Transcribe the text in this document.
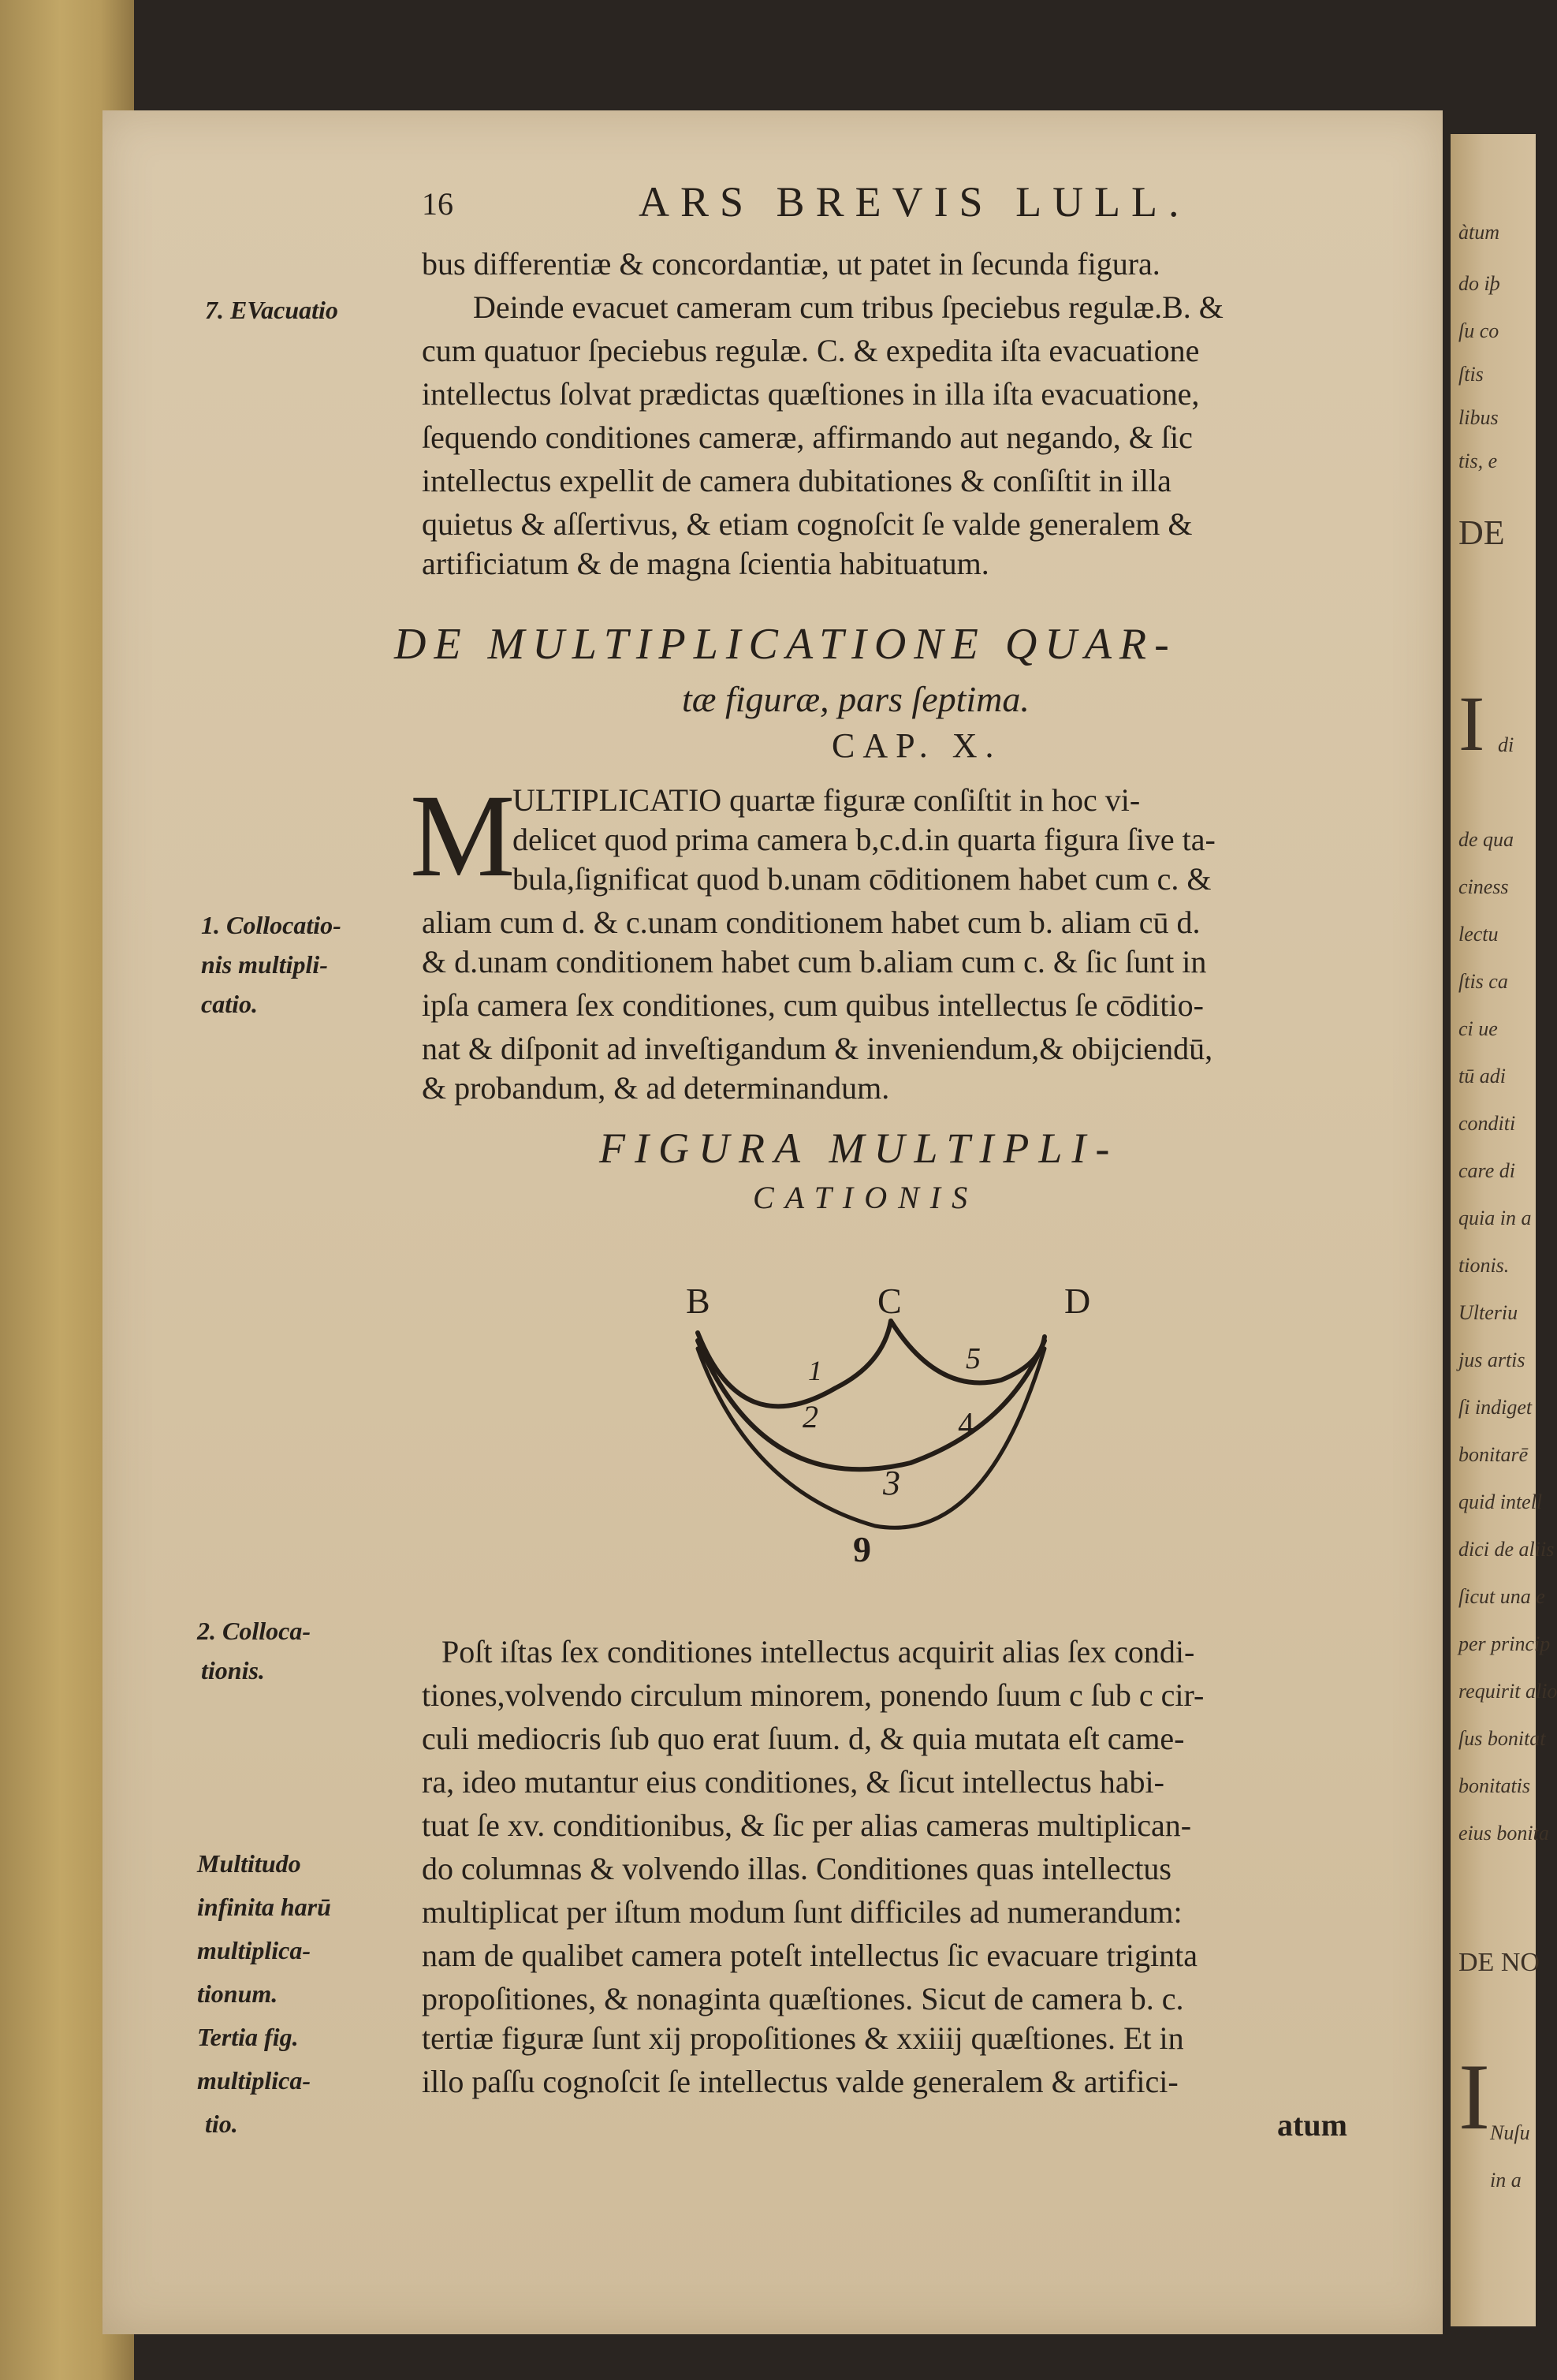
àtum
do iþ
ſu co
ſtis
libus
tis, e
DE
I di
de qua
ciness
lectu
ſtis ca
ci ue
tū adi
conditi
care di
quia in a
tionis.
Ulteriu
jus artis
ſi indiget
bonitarē
quid intell
dici de aliis
ſicut una e
per princip
requirit alio
ſus bonitat
bonitatis
eius bonita
DE NO
I Nuſu
in a
16	ARS BREVIS LULL.
bus differentiæ & concordantiæ, ut patet in ſecunda figura.
7. EVacuatio	Deinde evacuet cameram cum tribus ſpeciebus regulæ.B. &
cum quatuor ſpeciebus regulæ. C. & expedita iſta evacuatione
intellectus ſolvat prædictas quæſtiones in illa iſta evacuatione,
ſequendo conditiones cameræ, affirmando aut negando, & ſic
intellectus expellit de camera dubitationes & conſiſtit in illa
quietus & aſſertivus, & etiam cognoſcit ſe valde generalem &
artificiatum & de magna ſcientia habituatum.
DE MULTIPLICATIONE QUAR-
tæ figuræ, pars ſeptima.
CAP. X.
M
ULTIPLICATIO quartæ figuræ conſiſtit in hoc vi-
delicet quod prima camera b,c.d.in quarta figura ſive ta-
bula,ſignificat quod b.unam cōditionem habet cum c. &
1. Collocatio-	aliam cum d. & c.unam conditionem habet cum b. aliam cū d.
nis multipli-	& d.unam conditionem habet cum b.aliam cum c. & ſic ſunt in
catio.	ipſa camera ſex conditiones, cum quibus intellectus ſe cōditio-
nat & diſponit ad inveſtigandum & inveniendum,& obijciendū,
& probandum, & ad determinandum.
FIGURA MULTIPLI-
CATIONIS
B	C	D
1	5
2	4
3
9
2. Colloca-
tionis.
Poſt iſtas ſex conditiones intellectus acquirit alias ſex condi-
tiones,volvendo circulum minorem, ponendo ſuum c ſub c cir-
culi mediocris ſub quo erat ſuum. d, & quia mutata eſt came-
ra, ideo mutantur eius conditiones, & ſicut intellectus habi-
tuat ſe xv. conditionibus, & ſic per alias cameras multiplican-
Multitudo	do columnas & volvendo illas. Conditiones quas intellectus
infinita harū	multiplicat per iſtum modum ſunt difficiles ad numerandum:
multiplica-	nam de qualibet camera poteſt intellectus ſic evacuare triginta
tionum.	propoſitiones, & nonaginta quæſtiones. Sicut de camera b. c.
Tertia fig.	tertiæ figuræ ſunt xij propoſitiones & xxiiij quæſtiones. Et in
multiplica-	illo paſſu cognoſcit ſe intellectus valde generalem & artifici-
tio.	atum
